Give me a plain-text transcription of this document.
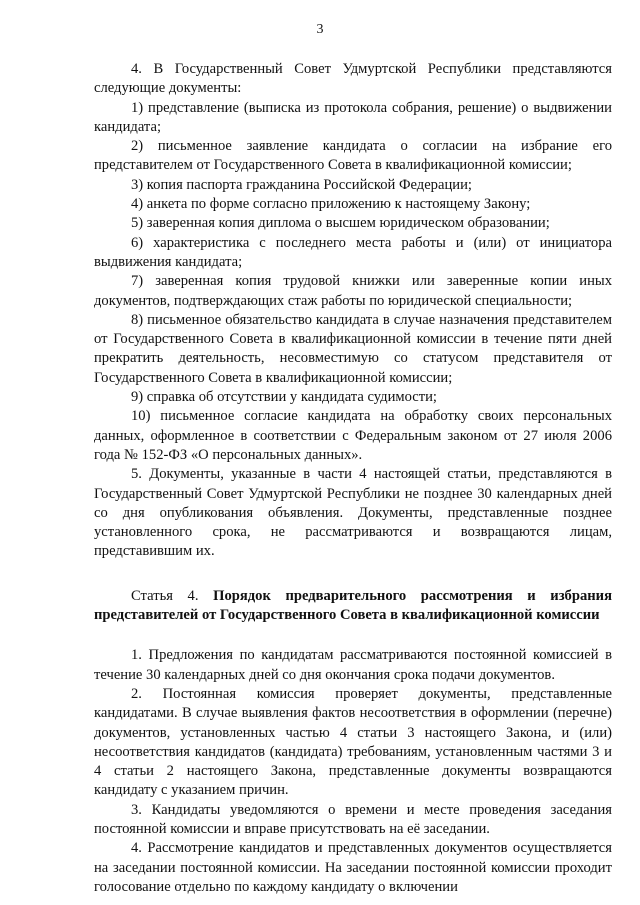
3

4. В Государственный Совет Удмуртской Республики представляются следующие документы:

1) представление (выписка из протокола собрания, решение) о выдвижении кандидата;

2) письменное заявление кандидата о согласии на избрание его представителем от Государственного Совета в квалификационной комиссии;

3) копия паспорта гражданина Российской Федерации;

4) анкета по форме согласно приложению к настоящему Закону;

5) заверенная копия диплома о высшем юридическом образовании;

6) характеристика с последнего места работы и (или) от инициатора выдвижения кандидата;

7) заверенная копия трудовой книжки или заверенные копии иных документов, подтверждающих стаж работы по юридической специальности;

8) письменное обязательство кандидата в случае назначения представителем от Государственного Совета в квалификационной комиссии в течение пяти дней прекратить деятельность, несовместимую со статусом представителя от Государственного Совета в квалификационной комиссии;

9) справка об отсутствии у кандидата судимости;

10) письменное согласие кандидата на обработку своих персональных данных, оформленное в соответствии с Федеральным законом от 27 июля 2006 года № 152-ФЗ «О персональных данных».

5. Документы, указанные в части 4 настоящей статьи, представляются в Государственный Совет Удмуртской Республики не позднее 30 календарных дней со дня опубликования объявления. Документы, представленные позднее установленного срока, не рассматриваются и возвращаются лицам, представившим их.

Статья 4. Порядок предварительного рассмотрения и избрания представителей от Государственного Совета в квалификационной комиссии

1. Предложения по кандидатам рассматриваются постоянной комиссией в течение 30 календарных дней со дня окончания срока подачи документов.

2. Постоянная комиссия проверяет документы, представленные кандидатами. В случае выявления фактов несоответствия в оформлении (перечне) документов, установленных частью 4 статьи 3 настоящего Закона, и (или) несоответствия кандидатов (кандидата) требованиям, установленным частями 3 и 4 статьи 2 настоящего Закона, представленные документы возвращаются кандидату с указанием причин.

3. Кандидаты уведомляются о времени и месте проведения заседания постоянной комиссии и вправе присутствовать на её заседании.

4. Рассмотрение кандидатов и представленных документов осуществляется на заседании постоянной комиссии. На заседании постоянной комиссии проходит голосование отдельно по каждому кандидату о включении
